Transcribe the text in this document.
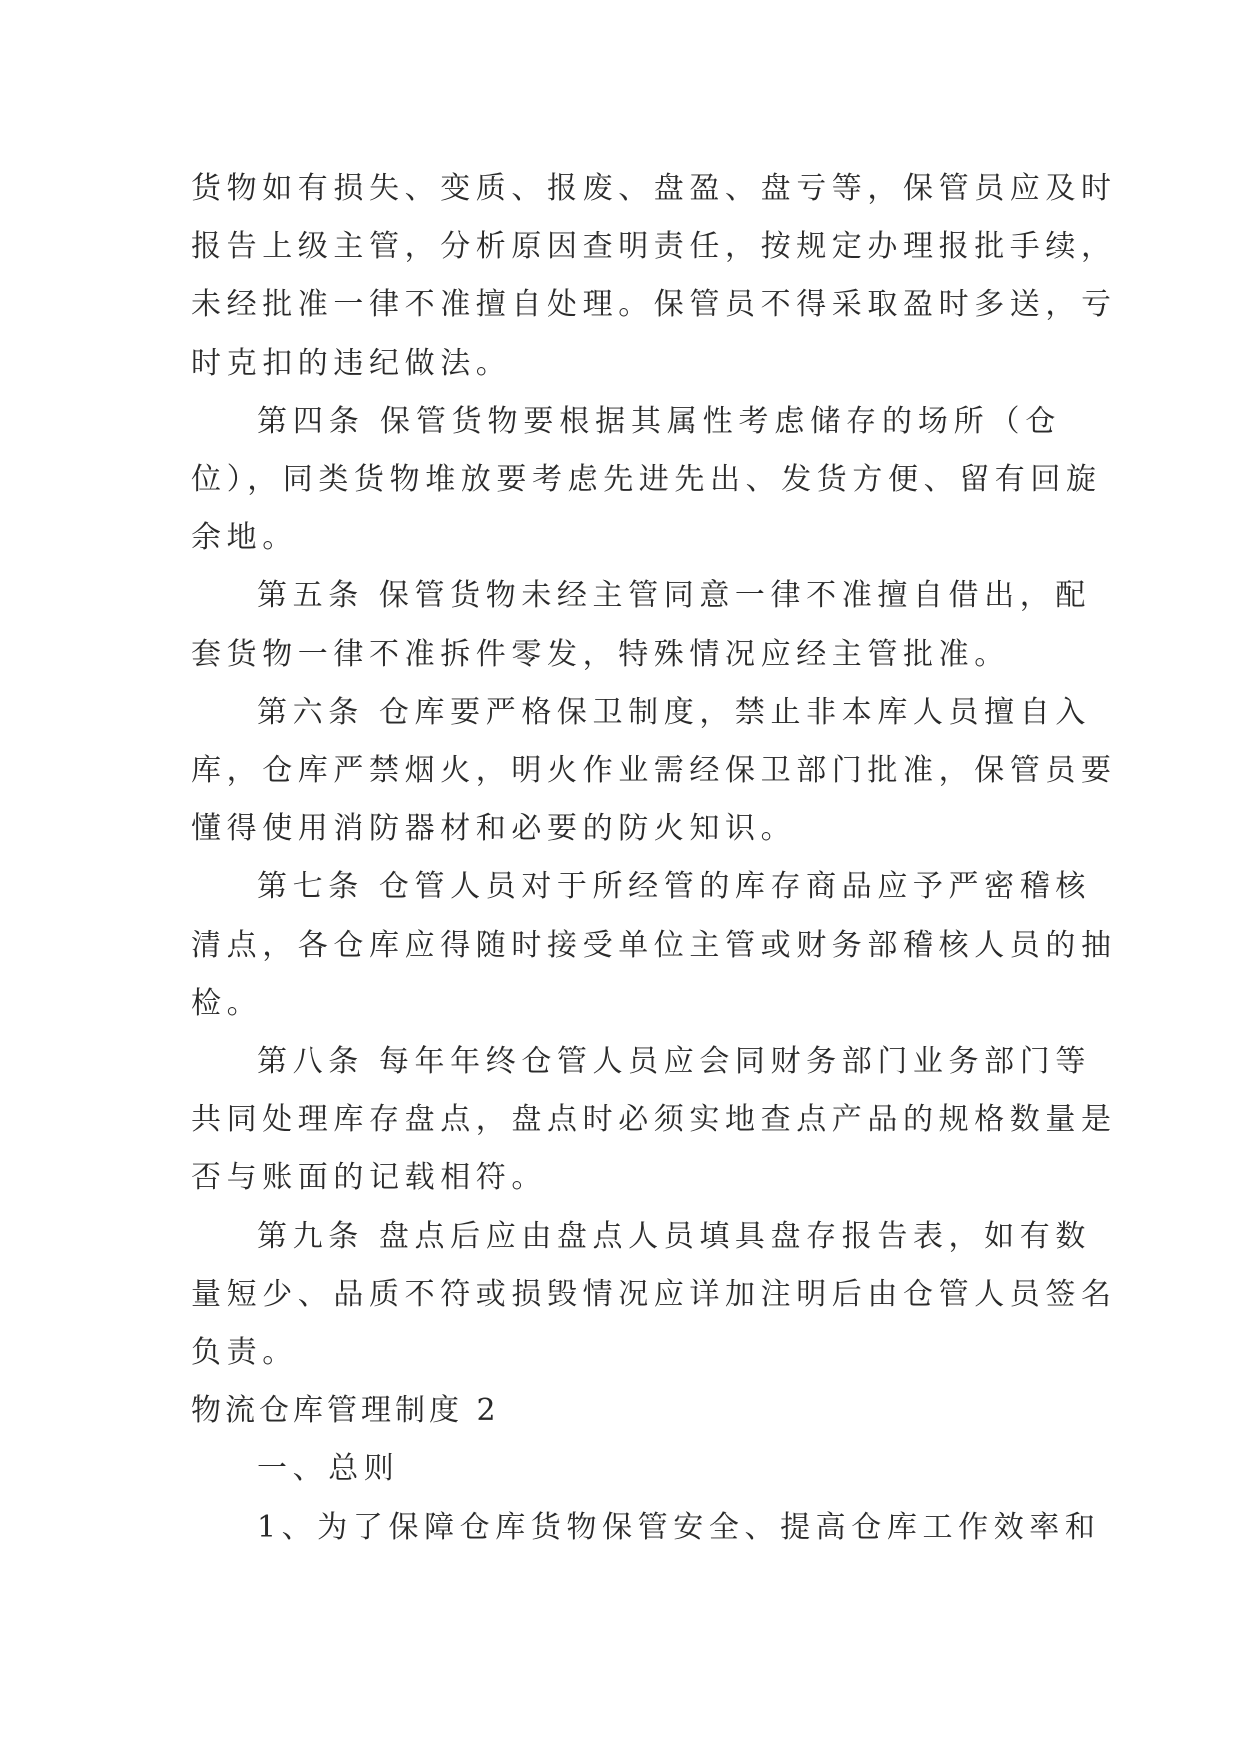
货物如有损失、变质、报废、盘盈、盘亏等，保管员应及时
报告上级主管，分析原因查明责任，按规定办理报批手续，
未经批准一律不准擅自处理。保管员不得采取盈时多送，亏
时克扣的违纪做法。
第四条 保管货物要根据其属性考虑储存的场所（仓
位），同类货物堆放要考虑先进先出、发货方便、留有回旋
余地。
第五条 保管货物未经主管同意一律不准擅自借出，配
套货物一律不准拆件零发，特殊情况应经主管批准。
第六条 仓库要严格保卫制度，禁止非本库人员擅自入
库，仓库严禁烟火，明火作业需经保卫部门批准，保管员要
懂得使用消防器材和必要的防火知识。
第七条 仓管人员对于所经管的库存商品应予严密稽核
清点，各仓库应得随时接受单位主管或财务部稽核人员的抽
检。
第八条 每年年终仓管人员应会同财务部门业务部门等
共同处理库存盘点，盘点时必须实地查点产品的规格数量是
否与账面的记载相符。
第九条 盘点后应由盘点人员填具盘存报告表，如有数
量短少、品质不符或损毁情况应详加注明后由仓管人员签名
负责。
物流仓库管理制度 2
一、总则
1、为了保障仓库货物保管安全、提高仓库工作效率和
